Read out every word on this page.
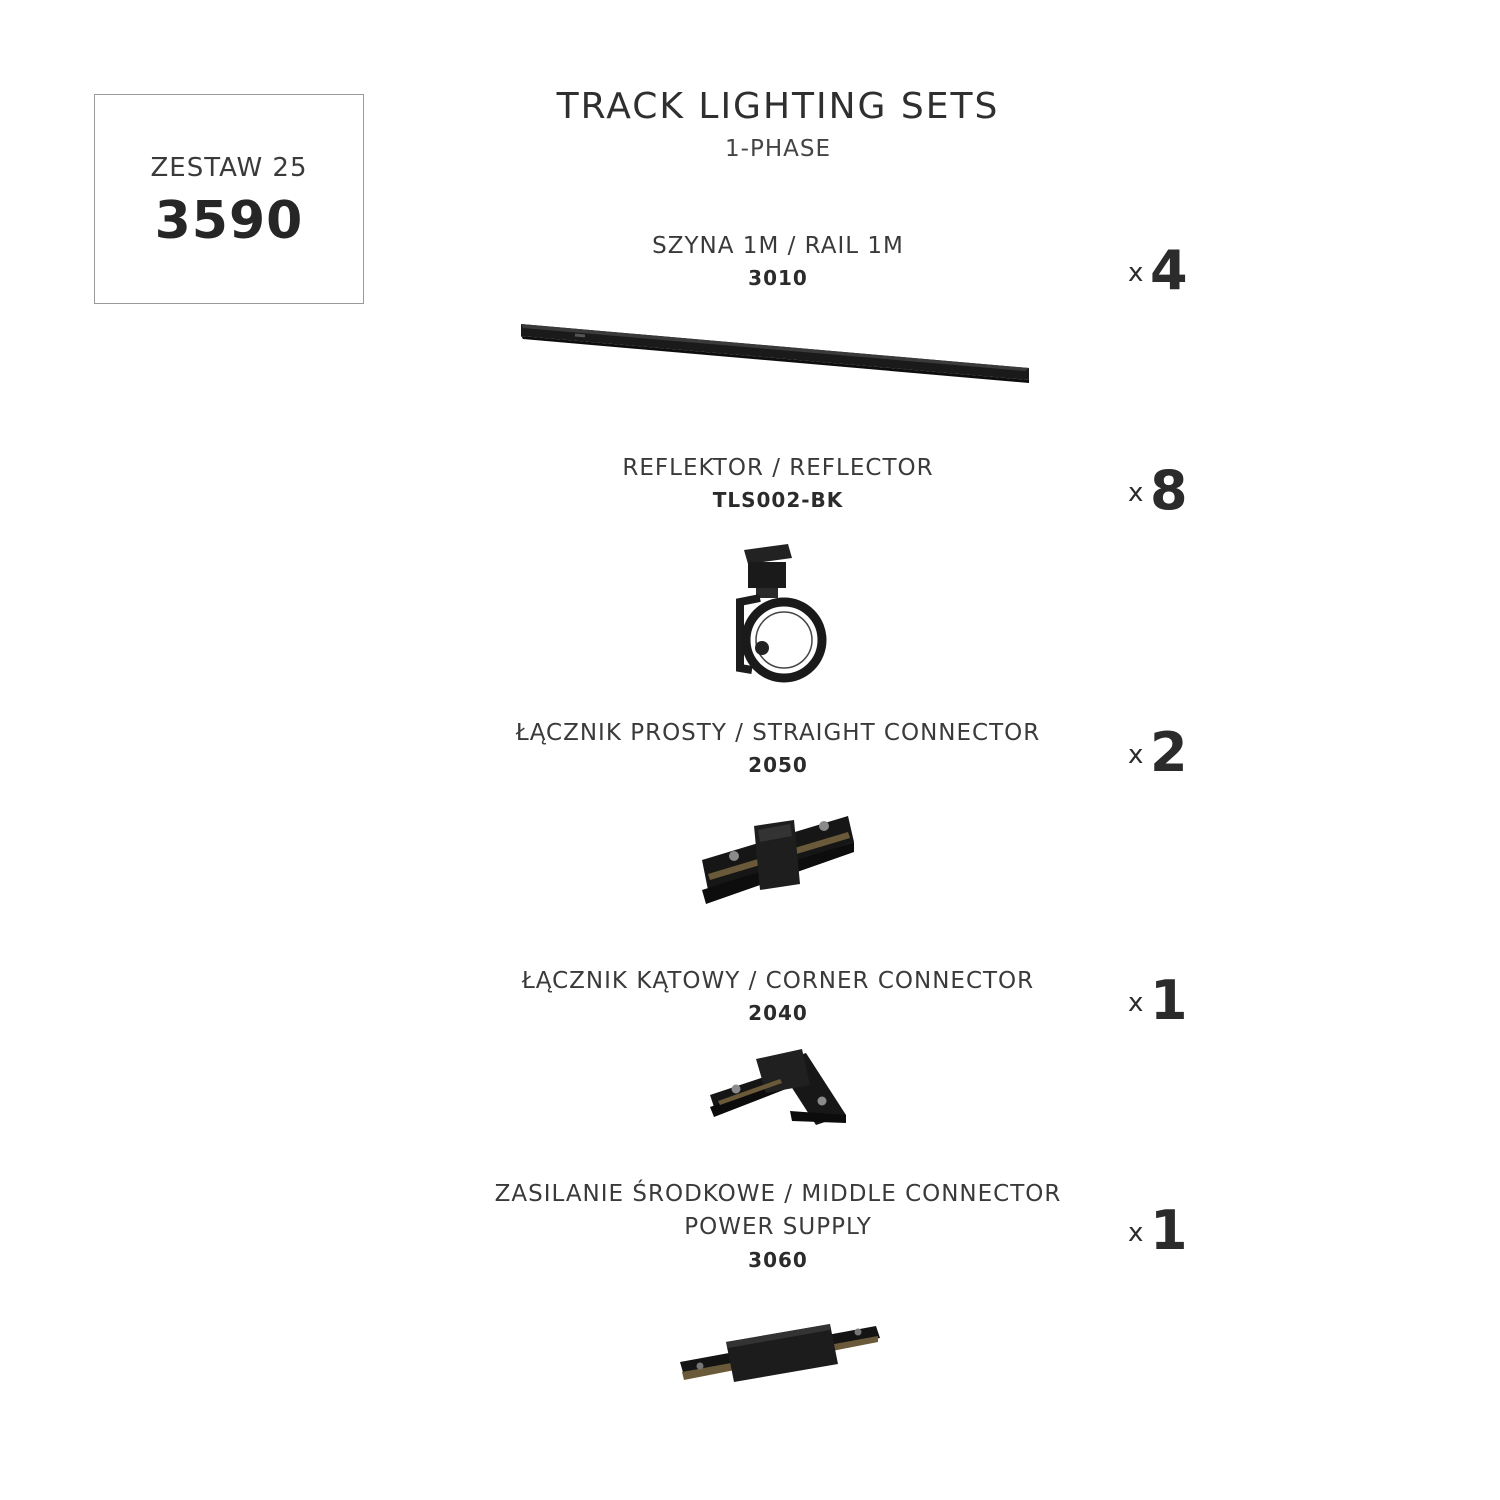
ZESTAW 25
3590
TRACK LIGHTING SETS
1-PHASE
SZYNA 1M / RAIL 1M
3010	x 4
REFLEKTOR / REFLECTOR
TLS002-BK	x 8
ŁĄCZNIK PROSTY / STRAIGHT CONNECTOR
2050	x 2
ŁĄCZNIK KĄTOWY / CORNER CONNECTOR
2040	x 1
ZASILANIE ŚRODKOWE / MIDDLE CONNECTOR
POWER SUPPLY
3060
x 1
